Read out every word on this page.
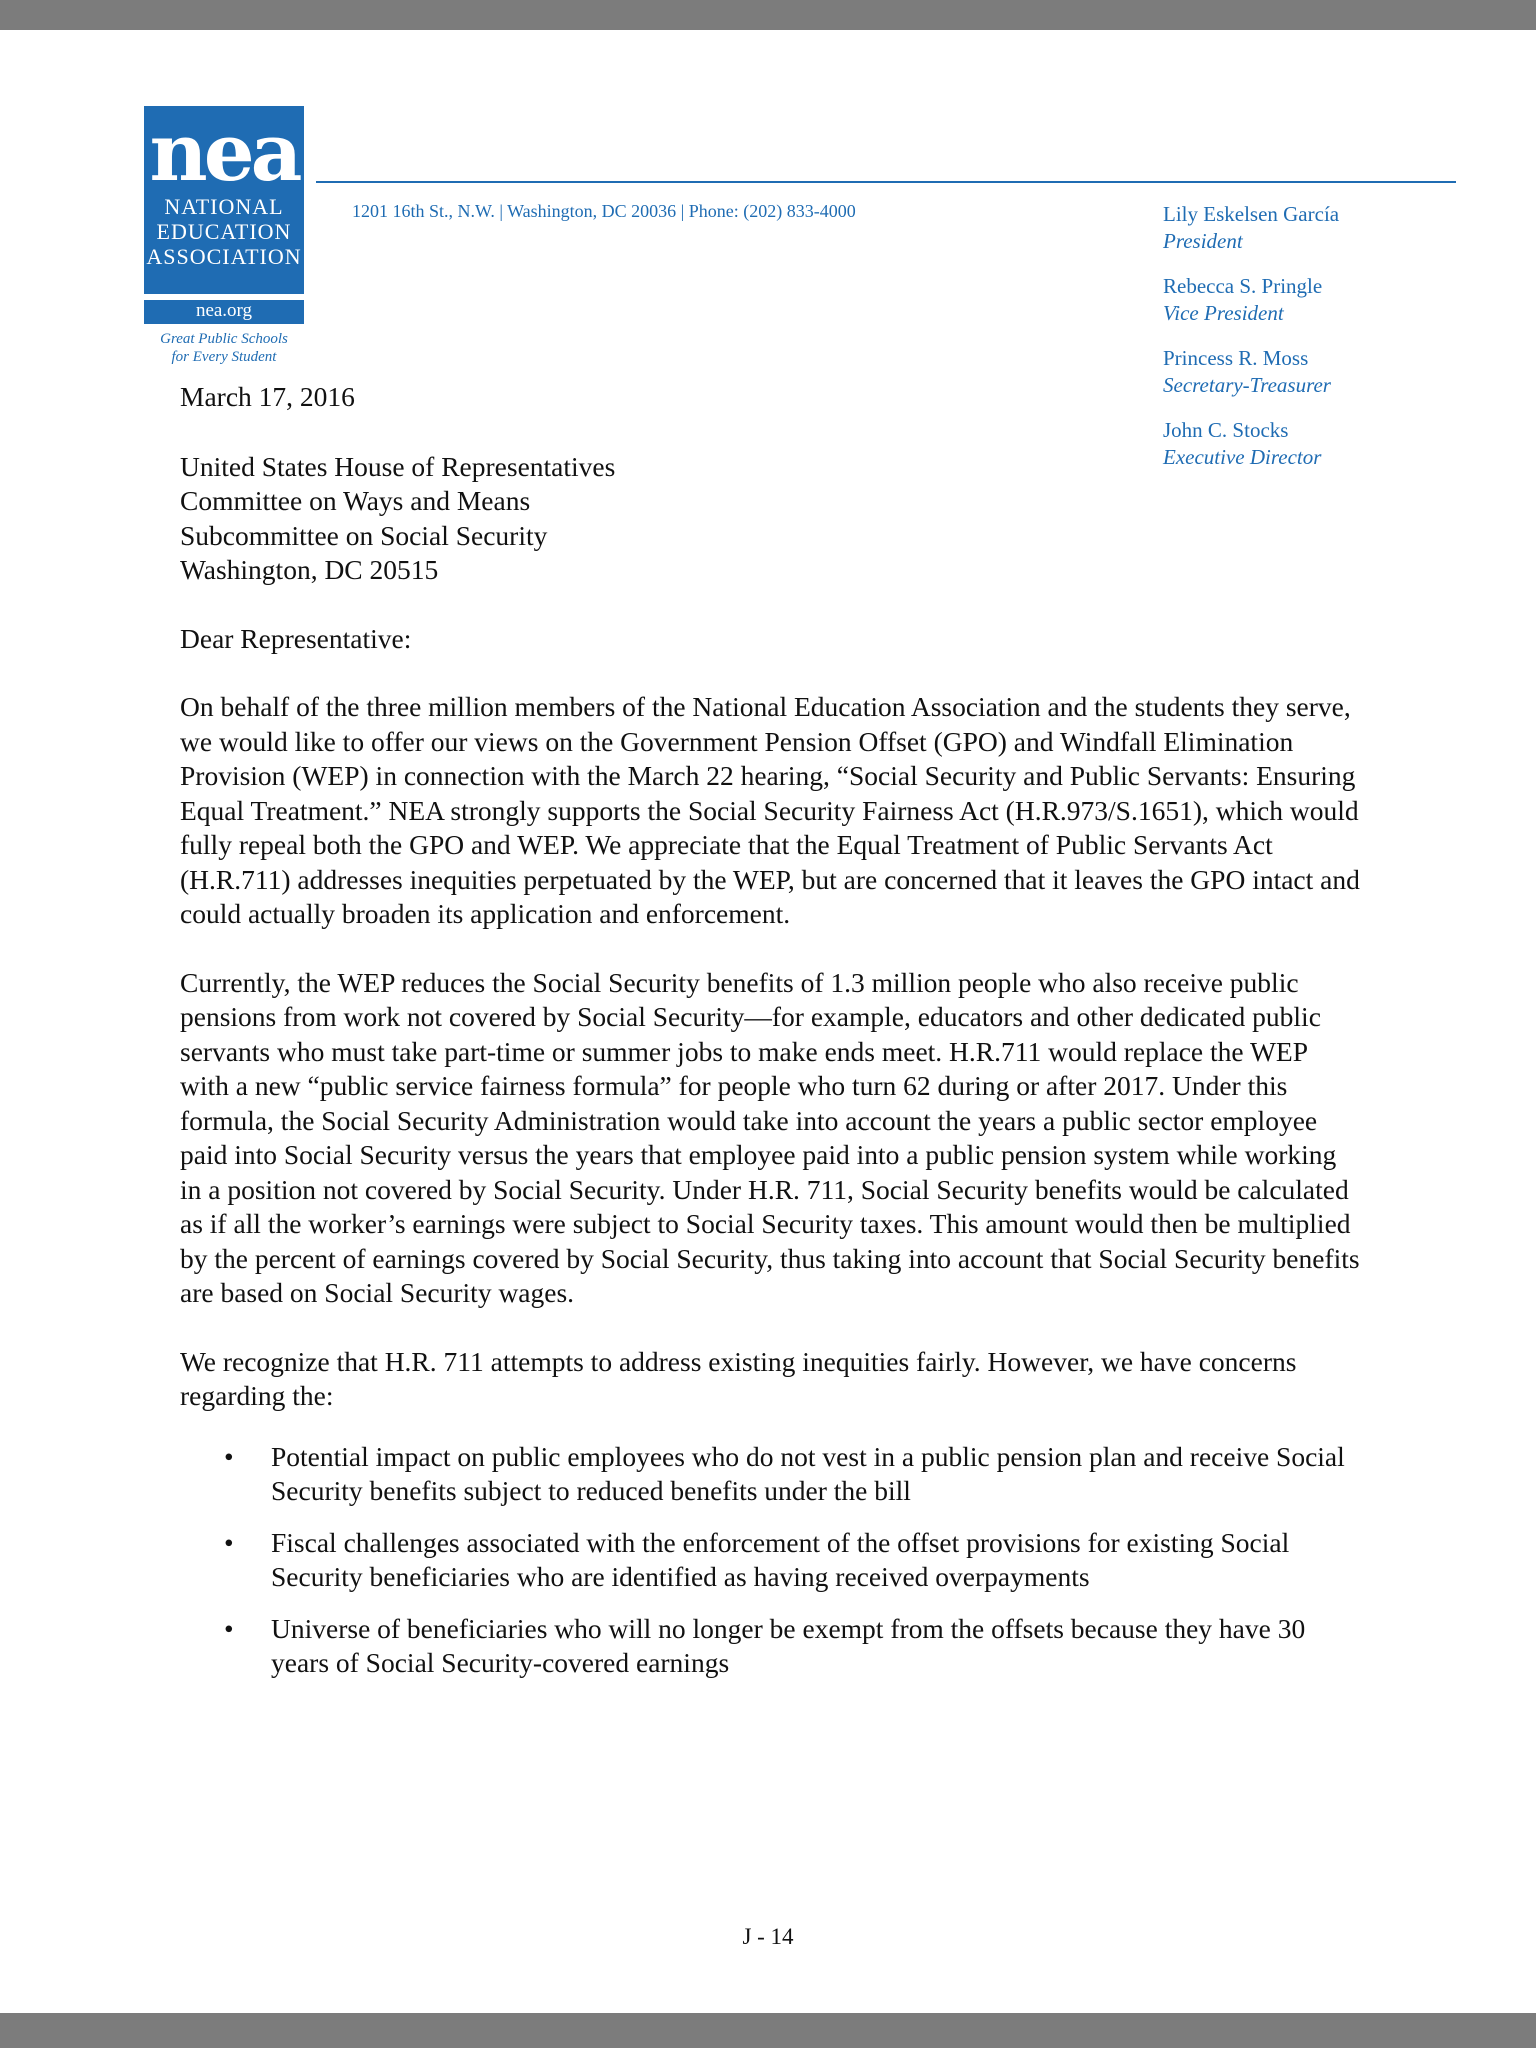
nea
NATIONAL
EDUCATION
ASSOCIATION
nea.org
Great Public Schools
for Every Student
1201 16th St., N.W. | Washington, DC 20036 | Phone: (202) 833-4000	Lily Eskelsen García
President
Rebecca S. Pringle
Vice President
Princess R. Moss
Secretary-Treasurer
John C. Stocks
Executive Director

March 17, 2016

United States House of Representatives
Committee on Ways and Means
Subcommittee on Social Security
Washington, DC 20515

Dear Representative:

On behalf of the three million members of the National Education Association and the students they serve, we would like to offer our views on the Government Pension Offset (GPO) and Windfall Elimination Provision (WEP) in connection with the March 22 hearing, “Social Security and Public Servants: Ensuring Equal Treatment.” NEA strongly supports the Social Security Fairness Act (H.R.973/S.1651), which would fully repeal both the GPO and WEP. We appreciate that the Equal Treatment of Public Servants Act (H.R.711) addresses inequities perpetuated by the WEP, but are concerned that it leaves the GPO intact and could actually broaden its application and enforcement.

Currently, the WEP reduces the Social Security benefits of 1.3 million people who also receive public pensions from work not covered by Social Security—for example, educators and other dedicated public servants who must take part-time or summer jobs to make ends meet. H.R.711 would replace the WEP with a new “public service fairness formula” for people who turn 62 during or after 2017. Under this formula, the Social Security Administration would take into account the years a public sector employee paid into Social Security versus the years that employee paid into a public pension system while working in a position not covered by Social Security. Under H.R. 711, Social Security benefits would be calculated as if all the worker’s earnings were subject to Social Security taxes. This amount would then be multiplied by the percent of earnings covered by Social Security, thus taking into account that Social Security benefits are based on Social Security wages.

We recognize that H.R. 711 attempts to address existing inequities fairly. However, we have concerns regarding the:

• Potential impact on public employees who do not vest in a public pension plan and receive Social Security benefits subject to reduced benefits under the bill
• Fiscal challenges associated with the enforcement of the offset provisions for existing Social Security beneficiaries who are identified as having received overpayments
• Universe of beneficiaries who will no longer be exempt from the offsets because they have 30 years of Social Security-covered earnings
J - 14
